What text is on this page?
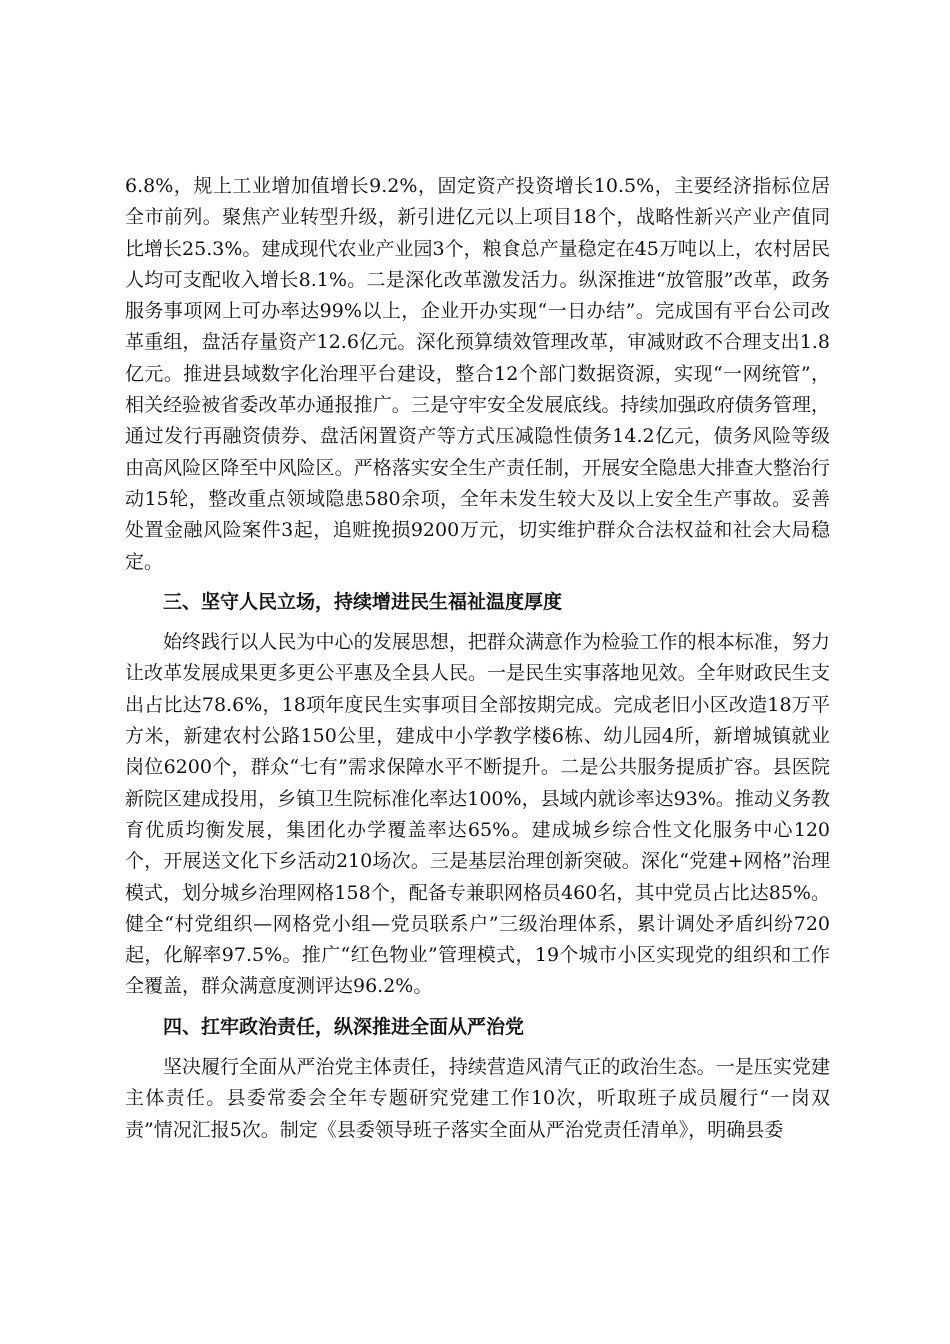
6.8%，规上工业增加值增长9.2%，固定资产投资增长10.5%，主要经济指标位居全市前列。聚焦产业转型升级，新引进亿元以上项目18个，战略性新兴产业产值同比增长25.3%。建成现代农业产业园3个，粮食总产量稳定在45万吨以上，农村居民人均可支配收入增长8.1%。二是深化改革激发活力。纵深推进“放管服”改革，政务服务事项网上可办率达99%以上，企业开办实现“一日办结”。完成国有平台公司改革重组，盘活存量资产12.6亿元。深化预算绩效管理改革，审减财政不合理支出1.8亿元。推进县域数字化治理平台建设，整合12个部门数据资源，实现“一网统管”，相关经验被省委改革办通报推广。三是守牢安全发展底线。持续加强政府债务管理，通过发行再融资债券、盘活闲置资产等方式压减隐性债务14.2亿元，债务风险等级由高风险区降至中风险区。严格落实安全生产责任制，开展安全隐患大排查大整治行动15轮，整改重点领域隐患580余项，全年未发生较大及以上安全生产事故。妥善处置金融风险案件3起，追赃挽损9200万元，切实维护群众合法权益和社会大局稳定。

三、坚守人民立场，持续增进民生福祉温度厚度

始终践行以人民为中心的发展思想，把群众满意作为检验工作的根本标准，努力让改革发展成果更多更公平惠及全县人民。一是民生实事落地见效。全年财政民生支出占比达78.6%，18项年度民生实事项目全部按期完成。完成老旧小区改造18万平方米，新建农村公路150公里，建成中小学教学楼6栋、幼儿园4所，新增城镇就业岗位6200个，群众“七有”需求保障水平不断提升。二是公共服务提质扩容。县医院新院区建成投用，乡镇卫生院标准化率达100%，县域内就诊率达93%。推动义务教育优质均衡发展，集团化办学覆盖率达65%。建成城乡综合性文化服务中心120个，开展送文化下乡活动210场次。三是基层治理创新突破。深化“党建+网格”治理模式，划分城乡治理网格158个，配备专兼职网格员460名，其中党员占比达85%。健全“村党组织—网格党小组—党员联系户”三级治理体系，累计调处矛盾纠纷720起，化解率97.5%。推广“红色物业”管理模式，19个城市小区实现党的组织和工作全覆盖，群众满意度测评达96.2%。

四、扛牢政治责任，纵深推进全面从严治党

坚决履行全面从严治党主体责任，持续营造风清气正的政治生态。一是压实党建主体责任。县委常委会全年专题研究党建工作10次，听取班子成员履行“一岗双责”情况汇报5次。制定《县委领导班子落实全面从严治党责任清单》，明确县委
